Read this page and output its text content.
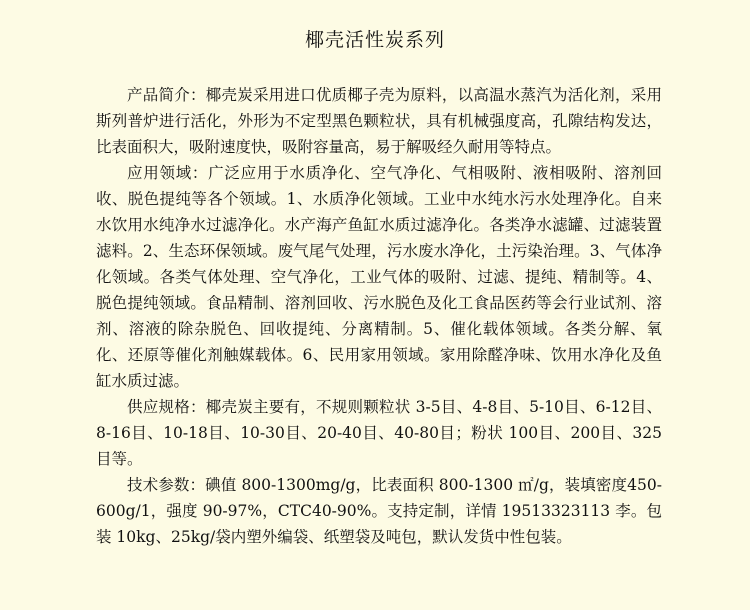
椰壳活性炭系列

产品简介：椰壳炭采用进口优质椰子壳为原料，以高温水蒸汽为活化剂，采用斯列普炉进行活化，外形为不定型黑色颗粒状，具有机械强度高，孔隙结构发达，比表面积大，吸附速度快，吸附容量高，易于解吸经久耐用等特点。

应用领域：广泛应用于水质净化、空气净化、气相吸附、液相吸附、溶剂回收、脱色提纯等各个领域。1、水质净化领域。工业中水纯水污水处理净化。自来水饮用水纯净水过滤净化。水产海产鱼缸水质过滤净化。各类净水滤罐、过滤装置滤料。2、生态环保领域。废气尾气处理，污水废水净化，土污染治理。3、气体净化领域。各类气体处理、空气净化，工业气体的吸附、过滤、提纯、精制等。4、脱色提纯领域。食品精制、溶剂回收、污水脱色及化工食品医药等会行业试剂、溶剂、溶液的除杂脱色、回收提纯、分离精制。5、催化载体领域。各类分解、氧化、还原等催化剂触媒载体。6、民用家用领域。家用除醛净味、饮用水净化及鱼缸水质过滤。

供应规格：椰壳炭主要有，不规则颗粒状 3-5目、4-8目、5-10目、6-12目、8-16目、10-18目、10-30目、20-40目、40-80目；粉状 100目、200目、325目等。

技术参数：碘值 800-1300mg/g，比表面积 800-1300 ㎡/g，装填密度450-600g/1，强度 90-97%，CTC40-90%。支持定制，详情 19513323113 李。包装 10kg、25kg/袋内塑外编袋、纸塑袋及吨包，默认发货中性包装。
